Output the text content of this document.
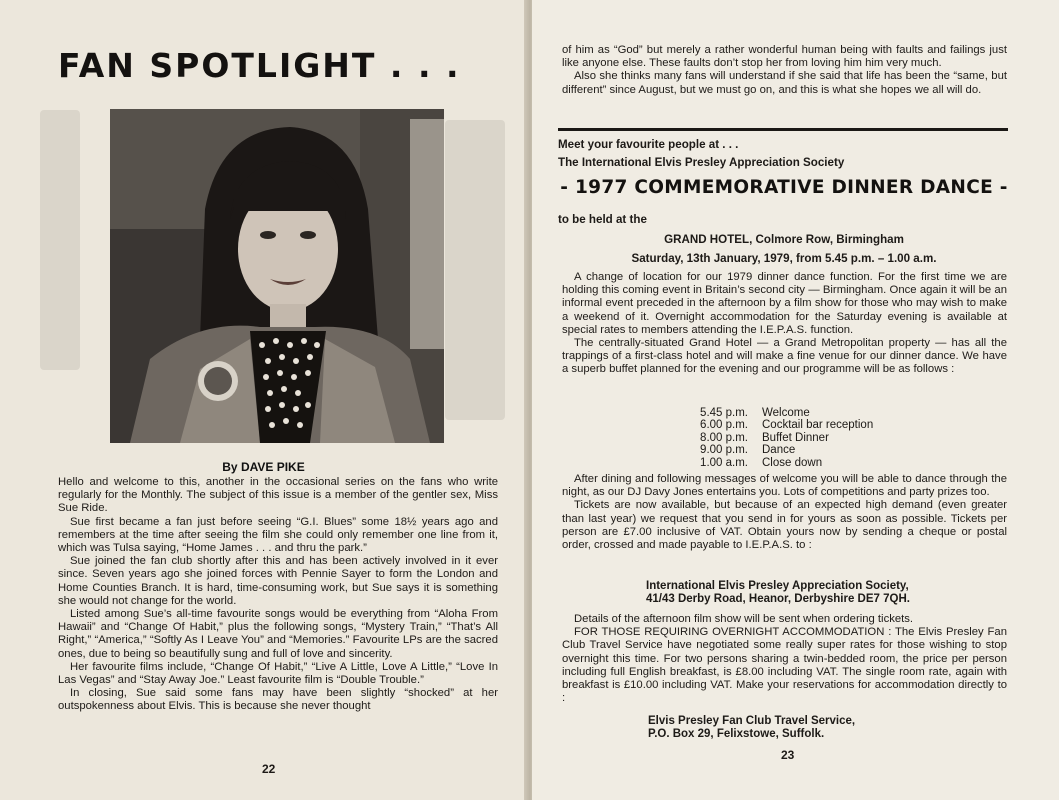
FAN SPOTLIGHT . . .

By DAVE PIKE

Hello and welcome to this, another in the occasional series on the fans who write regularly for the Monthly. The subject of this issue is a member of the gentler sex, Miss Sue Ride.

Sue first became a fan just before seeing “G.I. Blues” some 18½ years ago and remembers at the time after seeing the film she could only remember one line from it, which was Tulsa saying, “Home James . . . and thru the park.”

Sue joined the fan club shortly after this and has been actively involved in it ever since. Seven years ago she joined forces with Pennie Sayer to form the London and Home Counties Branch. It is hard, time-consuming work, but Sue says it is something she would not change for the world.

Listed among Sue’s all-time favourite songs would be everything from “Aloha From Hawaii” and “Change Of Habit,” plus the following songs, “Mystery Train,” “That’s All Right,” “America,” “Softly As I Leave You” and “Memories.” Favourite LPs are the sacred ones, due to being so beautifully sung and full of love and sincerity.

Her favourite films include, “Change Of Habit,” “Live A Little, Love A Little,” “Love In Las Vegas” and “Stay Away Joe.” Least favourite film is “Double Trouble.”

In closing, Sue said some fans may have been slightly “shocked” at her outspokenness about Elvis. This is because she never thought

22

of him as “God” but merely a rather wonderful human being with faults and failings just like anyone else. These faults don’t stop her from loving him him very much.

Also she thinks many fans will understand if she said that life has been the “same, but different” since August, but we must go on, and this is what she hopes we all will do.

Meet your favourite people at . . .

The International Elvis Presley Appreciation Society

- 1977 COMMEMORATIVE DINNER DANCE -

to be held at the

GRAND HOTEL, Colmore Row, Birmingham

Saturday, 13th January, 1979, from 5.45 p.m. – 1.00 a.m.

A change of location for our 1979 dinner dance function. For the first time we are holding this coming event in Britain’s second city — Birmingham. Once again it will be an informal event preceded in the afternoon by a film show for those who may wish to make a weekend of it. Overnight accommodation for the Saturday evening is available at special rates to members attending the I.E.P.A.S. function.

The centrally-situated Grand Hotel — a Grand Metropolitan property — has all the trappings of a first-class hotel and will make a fine venue for our dinner dance. We have a superb buffet planned for the evening and our programme will be as follows :

5.45 p.m.	Welcome
6.00 p.m.	Cocktail bar reception
8.00 p.m.	Buffet Dinner
9.00 p.m.	Dance
1.00 a.m.	Close down

After dining and following messages of welcome you will be able to dance through the night, as our DJ Davy Jones entertains you. Lots of competitions and party prizes too.

Tickets are now available, but because of an expected high demand (even greater than last year) we request that you send in for yours as soon as possible. Tickets per person are £7.00 inclusive of VAT. Obtain yours now by sending a cheque or postal order, crossed and made payable to I.E.P.A.S. to :

International Elvis Presley Appreciation Society,
41/43 Derby Road, Heanor, Derbyshire DE7 7QH.

Details of the afternoon film show will be sent when ordering tickets.

FOR THOSE REQUIRING OVERNIGHT ACCOMMODATION : The Elvis Presley Fan Club Travel Service have negotiated some really super rates for those wishing to stop overnight this time. For two persons sharing a twin-bedded room, the price per person including full English breakfast, is £8.00 including VAT. The single room rate, again with breakfast is £10.00 including VAT. Make your reservations for accommodation directly to :

Elvis Presley Fan Club Travel Service,
P.O. Box 29, Felixstowe, Suffolk.

23
